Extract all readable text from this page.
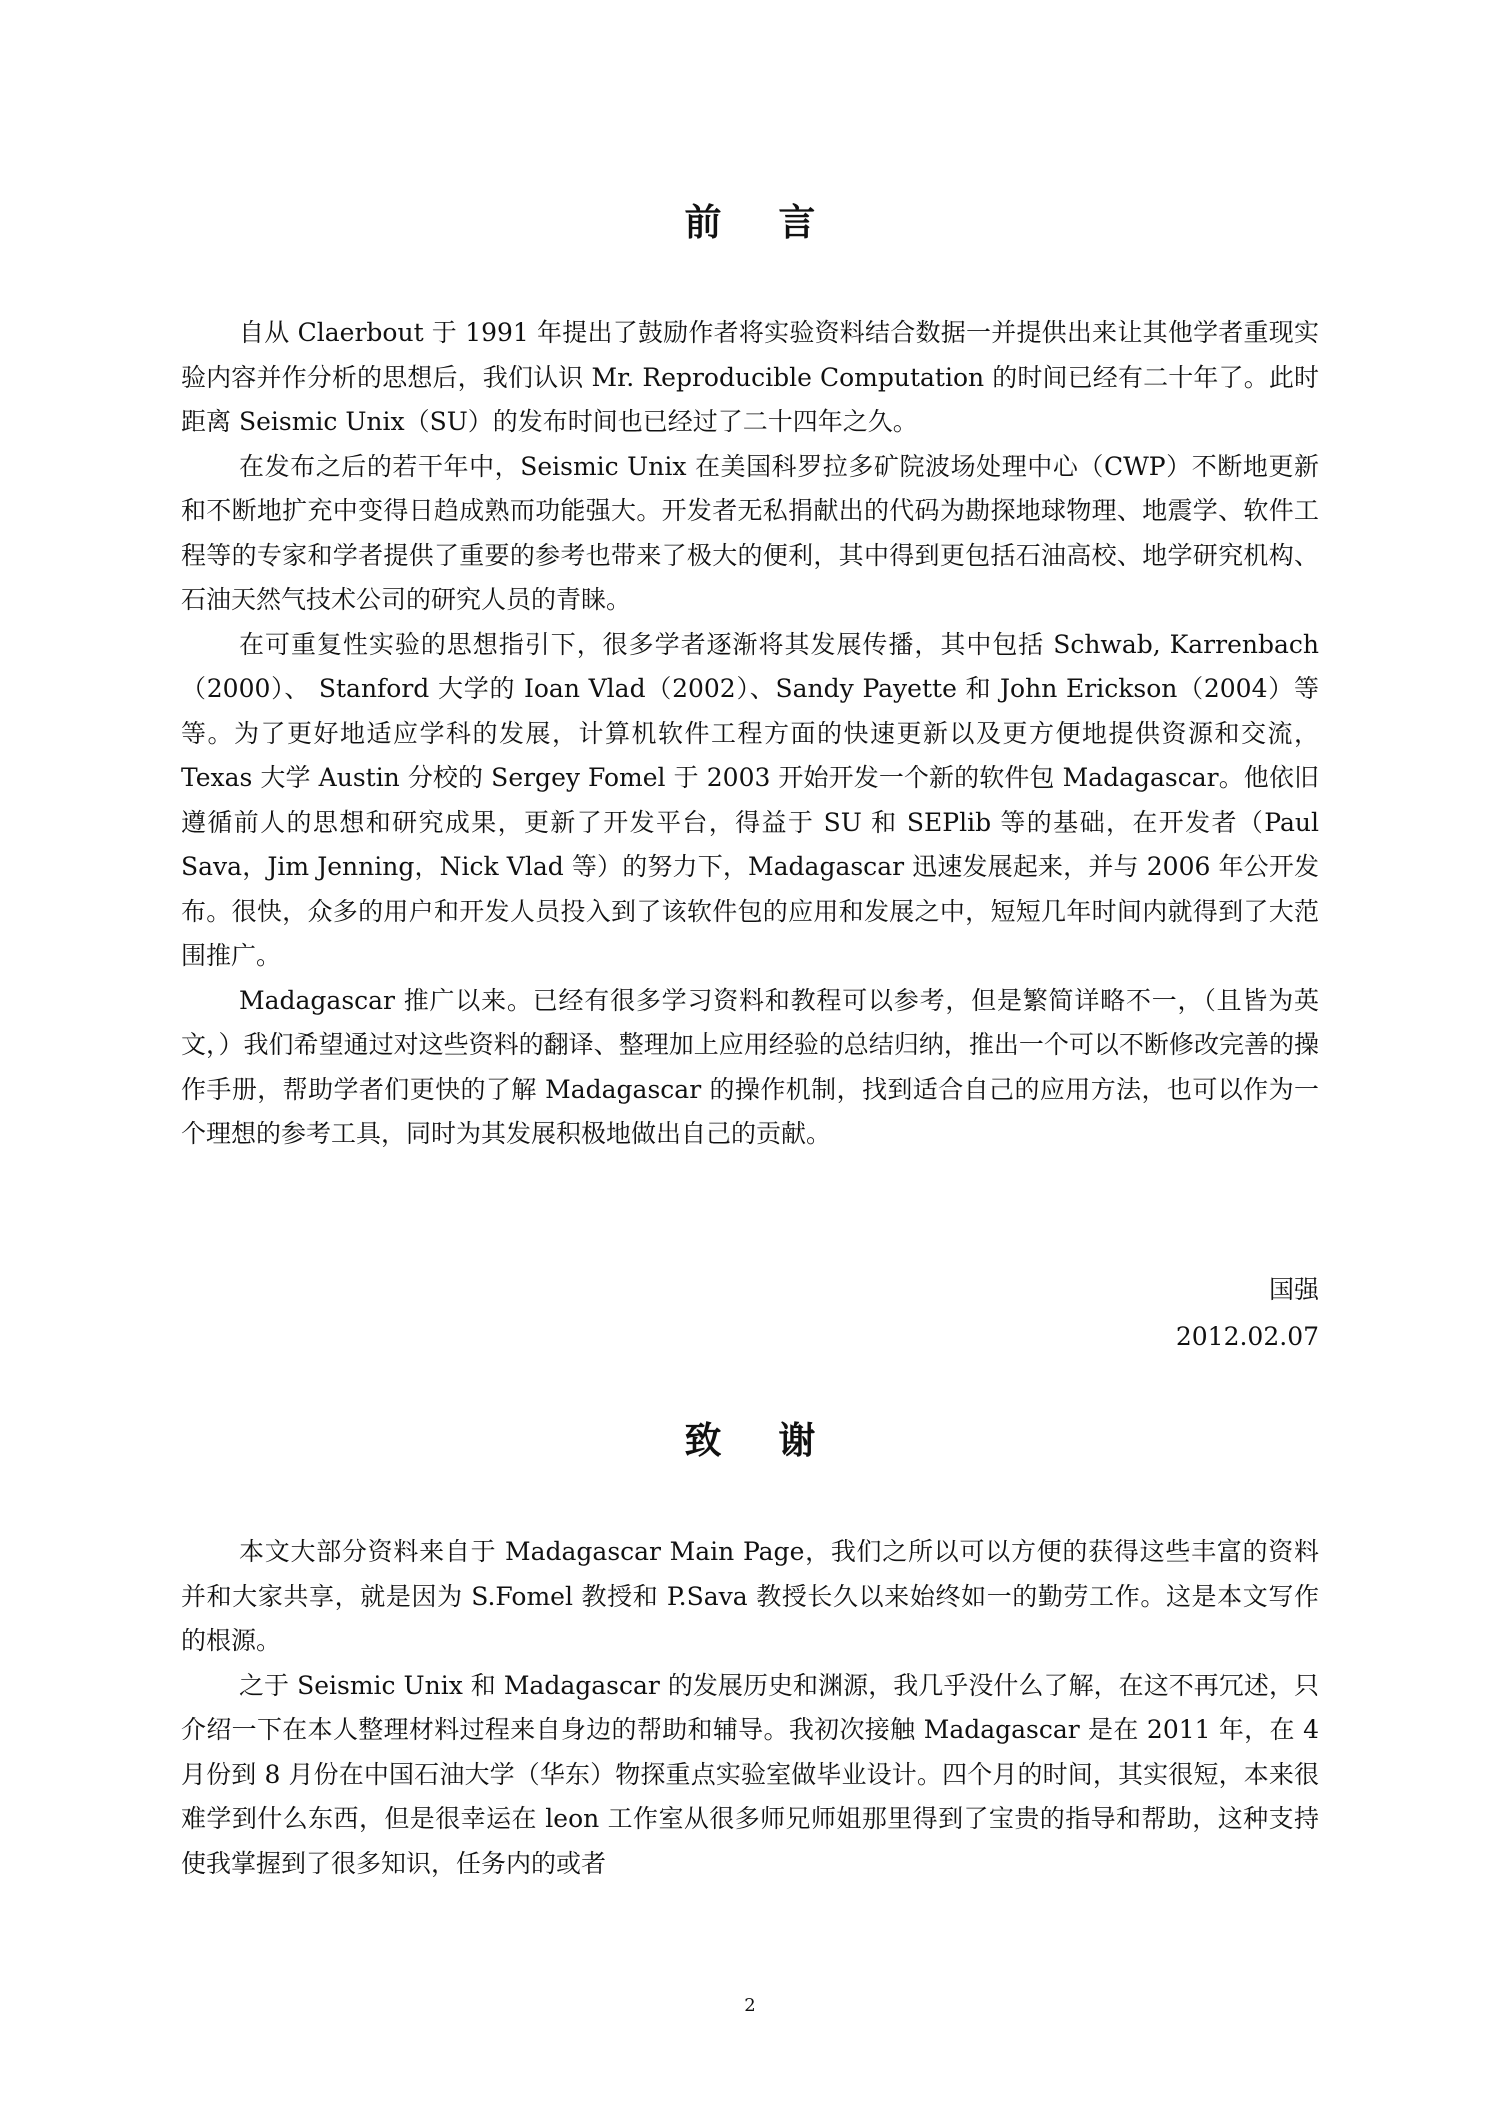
前 言

自从 Claerbout 于 1991 年提出了鼓励作者将实验资料结合数据一并提供出来让其他学者重现实验内容并作分析的思想后，我们认识 Mr. Reproducible Computation 的时间已经有二十年了。此时距离 Seismic Unix（SU）的发布时间也已经过了二十四年之久。

在发布之后的若干年中，Seismic Unix 在美国科罗拉多矿院波场处理中心（CWP）不断地更新和不断地扩充中变得日趋成熟而功能强大。开发者无私捐献出的代码为勘探地球物理、地震学、软件工程等的专家和学者提供了重要的参考也带来了极大的便利，其中得到更包括石油高校、地学研究机构、石油天然气技术公司的研究人员的青睐。

在可重复性实验的思想指引下，很多学者逐渐将其发展传播，其中包括 Schwab, Karrenbach（2000）、 Stanford 大学的 Ioan Vlad（2002）、Sandy Payette 和 John Erickson（2004）等等。为了更好地适应学科的发展，计算机软件工程方面的快速更新以及更方便地提供资源和交流，Texas 大学 Austin 分校的 Sergey Fomel 于 2003 开始开发一个新的软件包 Madagascar。他依旧遵循前人的思想和研究成果，更新了开发平台，得益于 SU 和 SEPlib 等的基础，在开发者（Paul Sava，Jim Jenning，Nick Vlad 等）的努力下，Madagascar 迅速发展起来，并与 2006 年公开发布。很快，众多的用户和开发人员投入到了该软件包的应用和发展之中，短短几年时间内就得到了大范围推广。

Madagascar 推广以来。已经有很多学习资料和教程可以参考，但是繁简详略不一，（且皆为英文，）我们希望通过对这些资料的翻译、整理加上应用经验的总结归纳，推出一个可以不断修改完善的操作手册，帮助学者们更快的了解 Madagascar 的操作机制，找到适合自己的应用方法，也可以作为一个理想的参考工具，同时为其发展积极地做出自己的贡献。

国强

2012.02.07

致 谢

本文大部分资料来自于 Madagascar Main Page，我们之所以可以方便的获得这些丰富的资料并和大家共享，就是因为 S.Fomel 教授和 P.Sava 教授长久以来始终如一的勤劳工作。这是本文写作的根源。

之于 Seismic Unix 和 Madagascar 的发展历史和渊源，我几乎没什么了解，在这不再冗述，只介绍一下在本人整理材料过程来自身边的帮助和辅导。我初次接触 Madagascar 是在 2011 年，在 4 月份到 8 月份在中国石油大学（华东）物探重点实验室做毕业设计。四个月的时间，其实很短，本来很难学到什么东西，但是很幸运在 leon 工作室从很多师兄师姐那里得到了宝贵的指导和帮助，这种支持使我掌握到了很多知识，任务内的或者

2
